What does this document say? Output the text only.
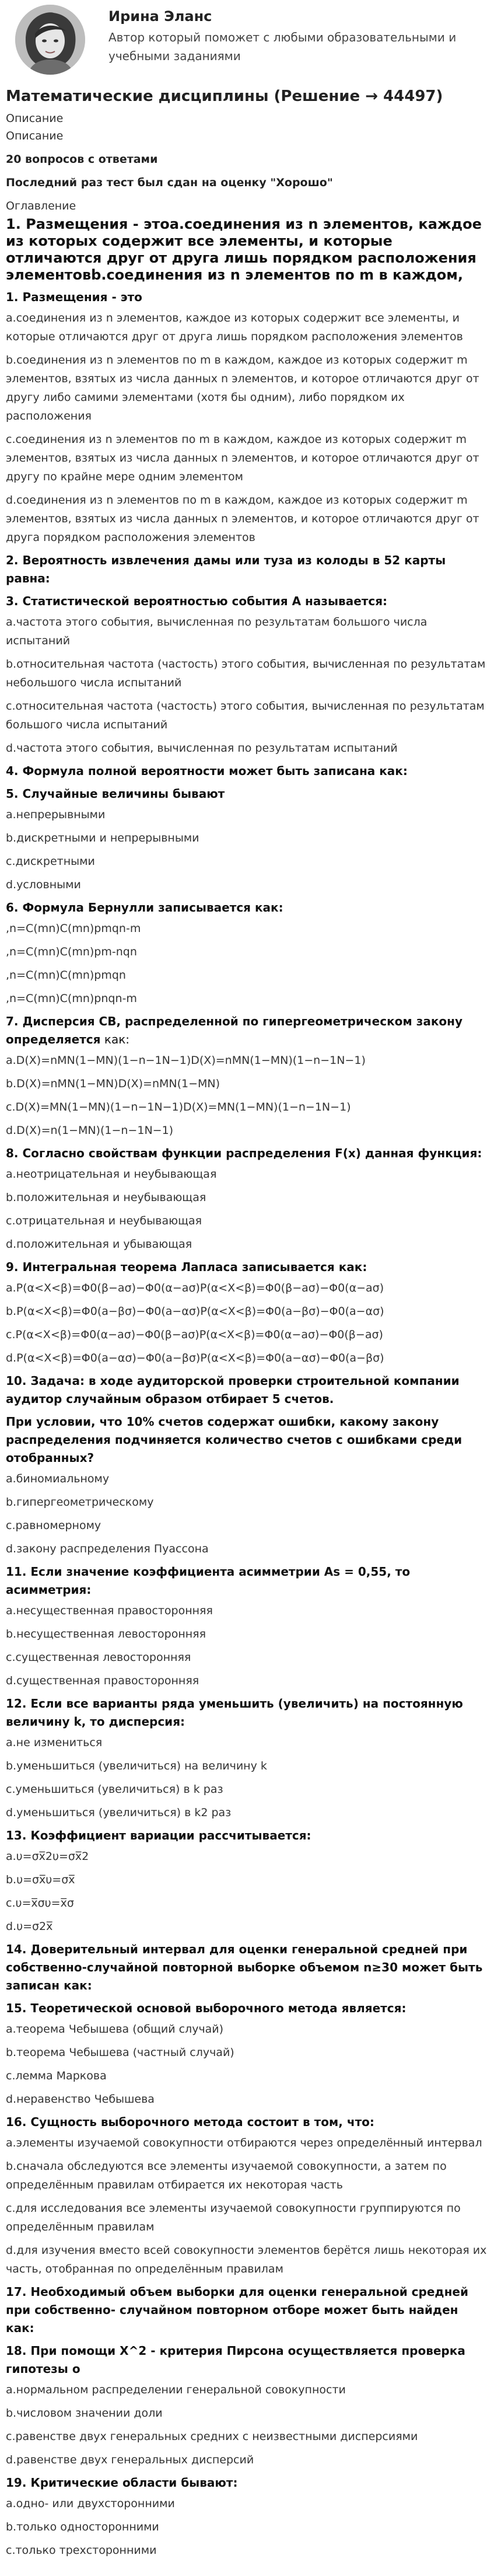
Ирина Эланс
Автор который поможет с любыми образовательными и учебными заданиями
Математические дисциплины (Решение → 44497)
Описание
Описание
20 вопросов с ответами
Последний раз тест был сдан на оценку "Хорошо"
Оглавление
1. Размещения - этоa.соединения из n элементов, каждое из которых содержит все элементы, и которые отличаются друг от друга лишь порядком расположения элементовb.соединения из n элементов по m в каждом,
1. Размещения - это
a.соединения из n элементов, каждое из которых содержит все элементы, и которые отличаются друг от друга лишь порядком расположения элементов
b.соединения из n элементов по m в каждом, каждое из которых содержит m элементов, взятых из числа данных n элементов, и которое отличаются друг от другу либо самими элементами (хотя бы одним), либо порядком их расположения
c.соединения из n элементов по m в каждом, каждое из которых содержит m элементов, взятых из числа данных n элементов, и которое отличаются друг от другу по крайне мере одним элементом
d.соединения из n элементов по m в каждом, каждое из которых содержит m элементов, взятых из числа данных n элементов, и которое отличаются друг от друга порядком расположения элементов
2. Вероятность извлечения дамы или туза из колоды в 52 карты равна:
3. Статистической вероятностью события А называется:
a.частота этого события, вычисленная по результатам большого числа испытаний
b.относительная частота (частость) этого события, вычисленная по результатам небольшого числа испытаний
c.относительная частота (частость) этого события, вычисленная по результатам большого числа испытаний
d.частота этого события, вычисленная по результатам испытаний
4. Формула полной вероятности может быть записана как:
5. Случайные величины бывают
a.непрерывными
b.дискретными и непрерывными
c.дискретными
d.условными
6. Формула Бернулли записывается как:
,n=C(mn)C(mn)pmqn-m
,n=C(mn)C(mn)pm-nqn
,n=C(mn)C(mn)pmqn
,n=C(mn)C(mn)pnqn-m
7. Дисперсия СВ, распределенной по гипергеометрическом закону определяется как:
a.D(X)=nMN(1−MN)(1−n−1N−1)D(X)=nMN(1−MN)(1−n−1N−1)
b.D(X)=nMN(1−MN)D(X)=nMN(1−MN)
c.D(X)=MN(1−MN)(1−n−1N−1)D(X)=MN(1−MN)(1−n−1N−1)
d.D(X)=n(1−MN)(1−n−1N−1)
8. Согласно свойствам функции распределения F(x) данная функция:
a.неотрицательная и неубывающая
b.положительная и неубывающая
c.отрицательная и неубывающая
d.положительная и убывающая
9. Интегральная теорема Лапласа записывается как:
a.P(α<X<β)=Φ0(β−aσ)−Φ0(α−aσ)P(α<X<β)=Φ0(β−aσ)−Φ0(α−aσ)
b.P(α<X<β)=Φ0(a−βσ)−Φ0(a−ασ)P(α<X<β)=Φ0(a−βσ)−Φ0(a−ασ)
c.P(α<X<β)=Φ0(α−aσ)−Φ0(β−aσ)P(α<X<β)=Φ0(α−aσ)−Φ0(β−aσ)
d.P(α<X<β)=Φ0(a−ασ)−Φ0(a−βσ)P(α<X<β)=Φ0(a−ασ)−Φ0(a−βσ)
10. Задача: в ходе аудиторской проверки строительной компании аудитор случайным образом отбирает 5 счетов.
При условии, что 10% счетов содержат ошибки, какому закону распределения подчиняется количество счетов с ошибками среди отобранных?
a.биномиальному
b.гипергеометрическому
c.равномерному
d.закону распределения Пуассона
11. Если значение коэффициента асимметрии As = 0,55, то асимметрия:
a.несущественная правосторонняя
b.несущественная левосторонняя
c.существенная левосторонняя
d.существенная правосторонняя
12. Если все варианты ряда уменьшить (увеличить) на постоянную величину k, то дисперсия:
a.не измениться
b.уменьшиться (увеличиться) на величину k
c.уменьшиться (увеличиться) в k раз
d.уменьшиться (увеличиться) в k2 раз
13. Коэффициент вариации рассчитывается:
a.υ=σx̅2υ=σx̅2
b.υ=σx̅υ=σx̅
c.υ=x̅συ=x̅σ
d.υ=σ2x̅
14. Доверительный интервал для оценки генеральной средней при собственно-случайной повторной выборке объемом n≥30 может быть записан как:
15. Теоретической основой выборочного метода является:
a.теорема Чебышева (общий случай)
b.теорема Чебышева (частный случай)
c.лемма Маркова
d.неравенство Чебышева
16. Сущность выборочного метода состоит в том, что:
a.элементы изучаемой совокупности отбираются через определённый интервал
b.сначала обследуются все элементы изучаемой совокупности, а затем по определённым правилам отбирается их некоторая часть
c.для исследования все элементы изучаемой совокупности группируются по определённым правилам
d.для изучения вместо всей совокупности элементов берётся лишь некоторая их часть, отобранная по определённым правилам
17. Необходимый объем выборки для оценки генеральной средней при собственно- случайном повторном отборе может быть найден как:
18. При помощи X^2 - критерия Пирсона осуществляется проверка гипотезы о
a.нормальном распределении генеральной совокупности
b.числовом значении доли
c.равенстве двух генеральных средних с неизвестными дисперсиями
d.равенстве двух генеральных дисперсий
19. Критические области бывают:
a.одно- или двухсторонними
b.только односторонними
c.только трехсторонними
